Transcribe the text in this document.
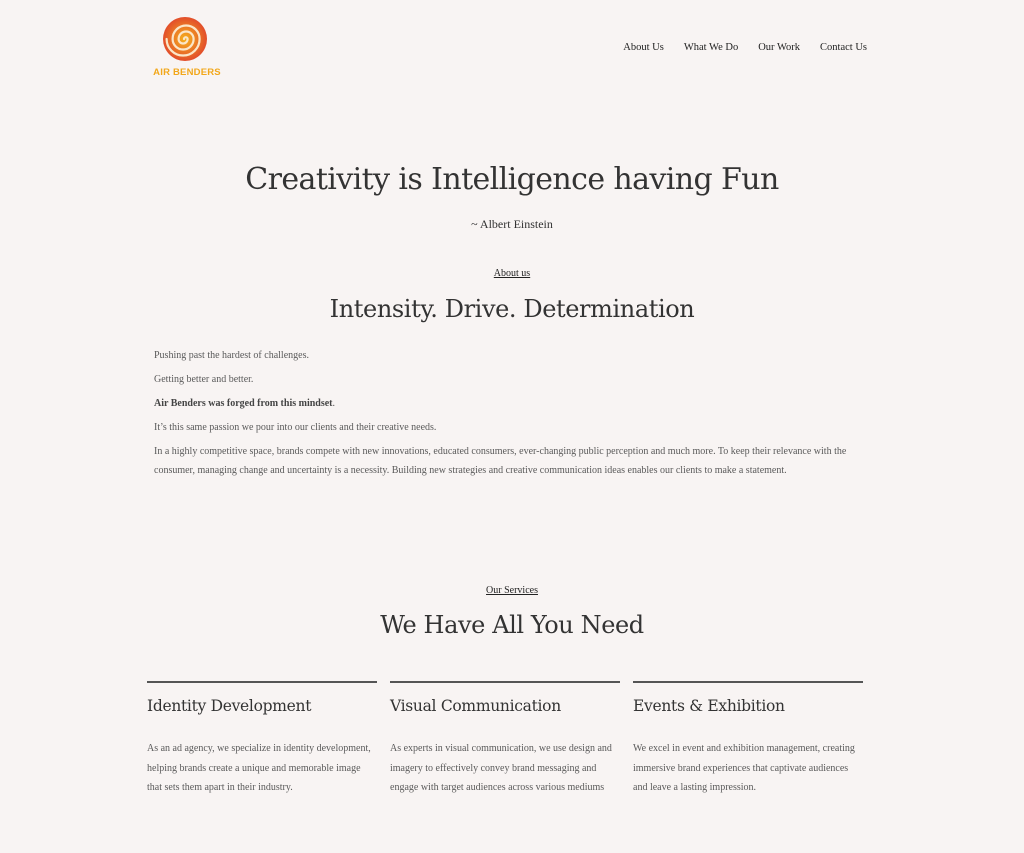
AIR BENDERS
About Us What We Do Our Work Contact Us
Creativity is Intelligence having Fun
~ Albert Einstein
About us
Intensity. Drive. Determination

Pushing past the hardest of challenges.

Getting better and better.

Air Benders was forged from this mindset.

It’s this same passion we pour into our clients and their creative needs.

In a highly competitive space, brands compete with new innovations, educated consumers, ever-changing public perception and much more. To keep their relevance with the consumer, managing change and uncertainty is a necessity. Building new strategies and creative communication ideas enables our clients to make a statement.

Our Services
We Have All You Need
Identity Development

As an ad agency, we specialize in identity development, helping brands create a unique and memorable image that sets them apart in their industry.

Visual Communication

As experts in visual communication, we use design and imagery to effectively convey brand messaging and engage with target audiences across various mediums

Events & Exhibition

We excel in event and exhibition management, creating immersive brand experiences that captivate audiences and leave a lasting impression.
